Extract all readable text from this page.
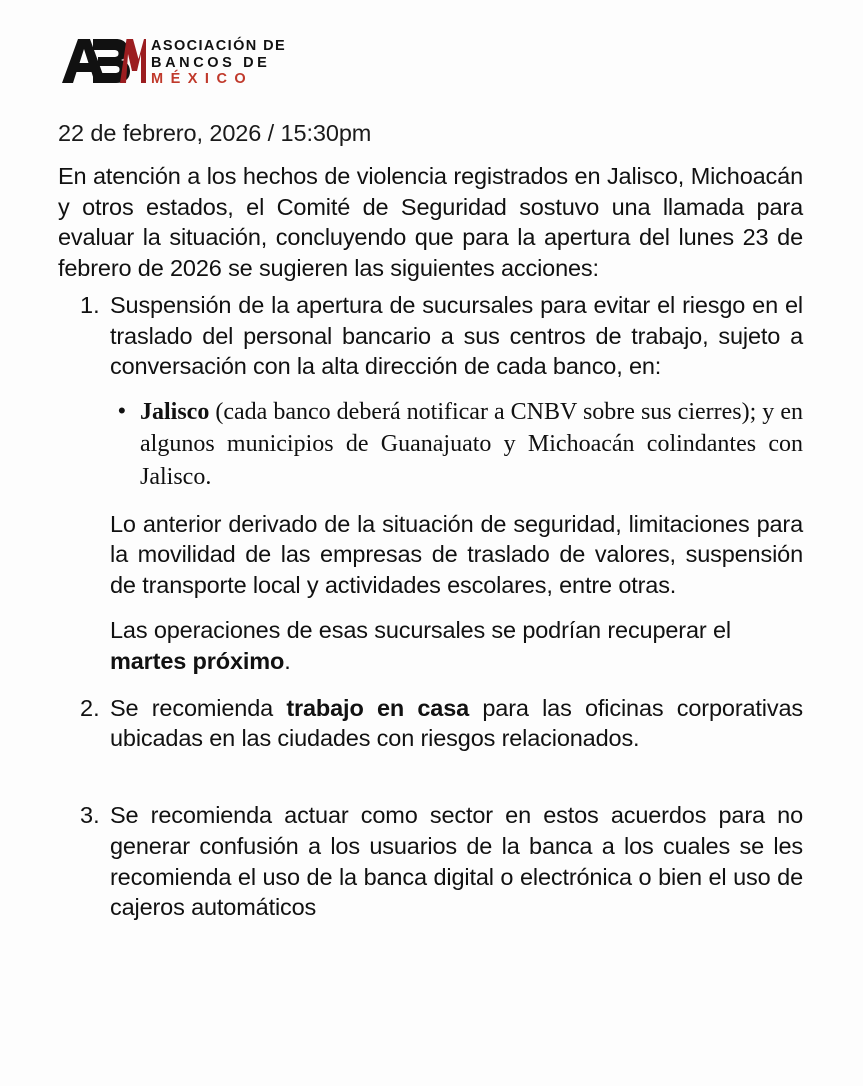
ASOCIACIÓN DE
BANCOS DE
MÉXICO
22 de febrero, 2026 / 15:30pm

En atención a los hechos de violencia registrados en Jalisco, Michoacán y otros estados, el Comité de Seguridad sostuvo una llamada para evaluar la situación, concluyendo que para la apertura del lunes 23 de febrero de 2026 se sugieren las siguientes acciones:

1. Suspensión de la apertura de sucursales para evitar el riesgo en el traslado del personal bancario a sus centros de trabajo, sujeto a conversación con la alta dirección de cada banco, en:
• Jalisco (cada banco deberá notificar a CNBV sobre sus cierres); y en algunos municipios de Guanajuato y Michoacán colindantes con Jalisco.

Lo anterior derivado de la situación de seguridad, limitaciones para la movilidad de las empresas de traslado de valores, suspensión de transporte local y actividades escolares, entre otras.

Las operaciones de esas sucursales se podrían recuperar el martes próximo.

2. Se recomienda trabajo en casa para las oficinas corporativas ubicadas en las ciudades con riesgos relacionados.
3. Se recomienda actuar como sector en estos acuerdos para no generar confusión a los usuarios de la banca a los cuales se les recomienda el uso de la banca digital o electrónica o bien el uso de cajeros automáticos
